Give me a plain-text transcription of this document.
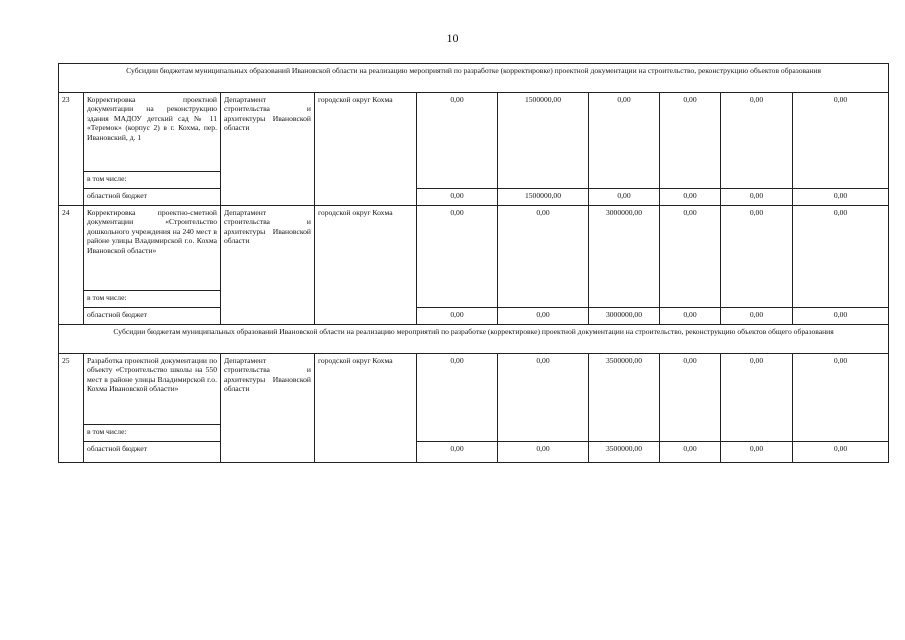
10
Субсидии бюджетам муниципальных образований Ивановской области на реализацию мероприятий по разработке (корректировке) проектной документации на строительство, реконструкцию объектов образования									
23	Корректировка проектной документации на реконструкцию здания МАДОУ детский сад № 11 «Теремок» (корпус 2) в г. Кохма, пер. Ивановский, д. 1	Департамент строительства и архитектуры Ивановской области	городской округ Кохма	0,00	1500000,00	0,00	0,00	0,00	0,00
	в том числе:								
	областной бюджет			0,00	1500000,00	0,00	0,00	0,00	0,00
24	Корректировка проектно-сметной документации «Строительство дошкольного учреждения на 240 мест в районе улицы Владимирской г.о. Кохма Ивановской области»	Департамент строительства и архитектуры Ивановской области	городской округ Кохма	0,00	0,00	3000000,00	0,00	0,00	0,00
	в том числе:								
	областной бюджет			0,00	0,00	3000000,00	0,00	0,00	0,00
Субсидии бюджетам муниципальных образований Ивановской области на реализацию мероприятий по разработке (корректировке) проектной документации на строительство, реконструкцию объектов общего образования									
25	Разработка проектной документации по объекту «Строительство школы на 550 мест в районе улицы Владимирской г.о. Кохма Ивановской области»	Департамент строительства и архитектуры Ивановской области	городской округ Кохма	0,00	0,00	3500000,00	0,00	0,00	0,00
	в том числе:								
	областной бюджет			0,00	0,00	3500000,00	0,00	0,00	0,00
